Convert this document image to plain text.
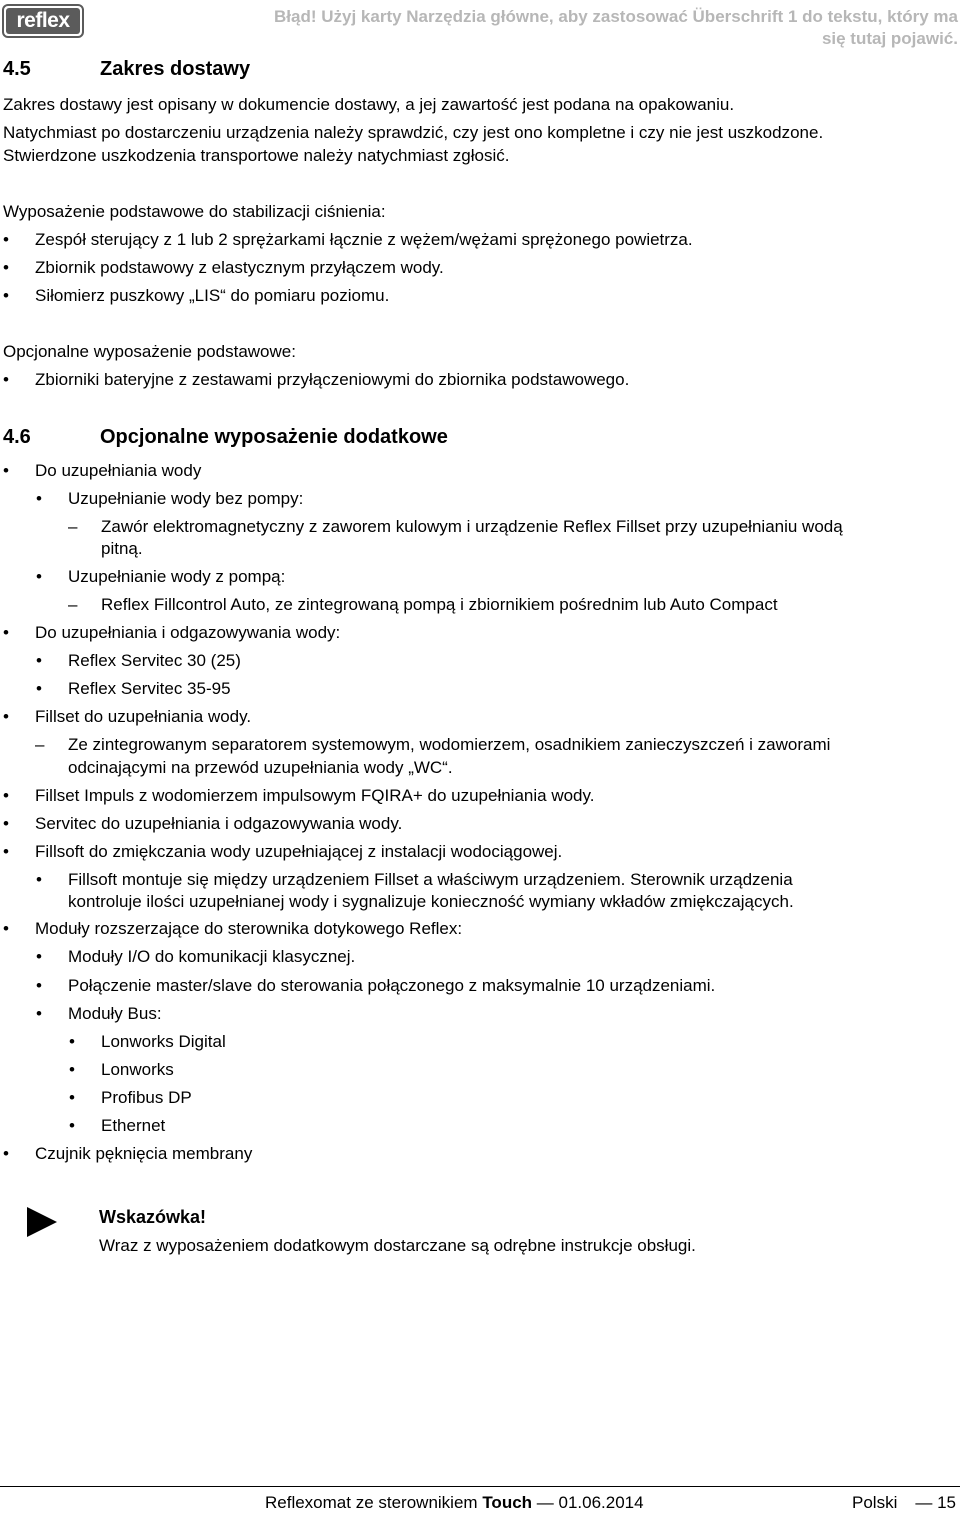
reflex	Błąd! Użyj karty Narzędzia główne, aby zastosować Überschrift 1 do tekstu, który ma
się tutaj pojawić.
4.5	Zakres dostawy
Zakres dostawy jest opisany w dokumencie dostawy, a jej zawartość jest podana na opakowaniu.
Natychmiast po dostarczeniu urządzenia należy sprawdzić, czy jest ono kompletne i czy nie jest uszkodzone.
Stwierdzone uszkodzenia transportowe należy natychmiast zgłosić.
Wyposażenie podstawowe do stabilizacji ciśnienia:
• Zespół sterujący z 1 lub 2 sprężarkami łącznie z wężem/wężami sprężonego powietrza.
• Zbiornik podstawowy z elastycznym przyłączem wody.
• Siłomierz puszkowy „LIS“ do pomiaru poziomu.
Opcjonalne wyposażenie podstawowe:
• Zbiorniki bateryjne z zestawami przyłączeniowymi do zbiornika podstawowego.
4.6	Opcjonalne wyposażenie dodatkowe
• Do uzupełniania wody
• Uzupełnianie wody bez pompy:
– Zawór elektromagnetyczny z zaworem kulowym i urządzenie Reflex Fillset przy uzupełnianiu wodą
pitną.
• Uzupełnianie wody z pompą:
– Reflex Fillcontrol Auto, ze zintegrowaną pompą i zbiornikiem pośrednim lub Auto Compact
• Do uzupełniania i odgazowywania wody:
• Reflex Servitec 30 (25)
• Reflex Servitec 35-95
• Fillset do uzupełniania wody.
– Ze zintegrowanym separatorem systemowym, wodomierzem, osadnikiem zanieczyszczeń i zaworami
odcinającymi na przewód uzupełniania wody „WC“.
• Fillset Impuls z wodomierzem impulsowym FQIRA+ do uzupełniania wody.
• Servitec do uzupełniania i odgazowywania wody.
• Fillsoft do zmiękczania wody uzupełniającej z instalacji wodociągowej.
• Fillsoft montuje się między urządzeniem Fillset a właściwym urządzeniem. Sterownik urządzenia
kontroluje ilości uzupełnianej wody i sygnalizuje konieczność wymiany wkładów zmiękczających.
• Moduły rozszerzające do sterownika dotykowego Reflex:
• Moduły I/O do komunikacji klasycznej.
• Połączenie master/slave do sterowania połączonego z maksymalnie 10 urządzeniami.
• Moduły Bus:
• Lonworks Digital
• Lonworks
• Profibus DP
• Ethernet
• Czujnik pęknięcia membrany
Wskazówka!
Wraz z wyposażeniem dodatkowym dostarczane są odrębne instrukcje obsługi.
Reflexomat ze sterownikiem Touch — 01.06.2014	Polski — 15
